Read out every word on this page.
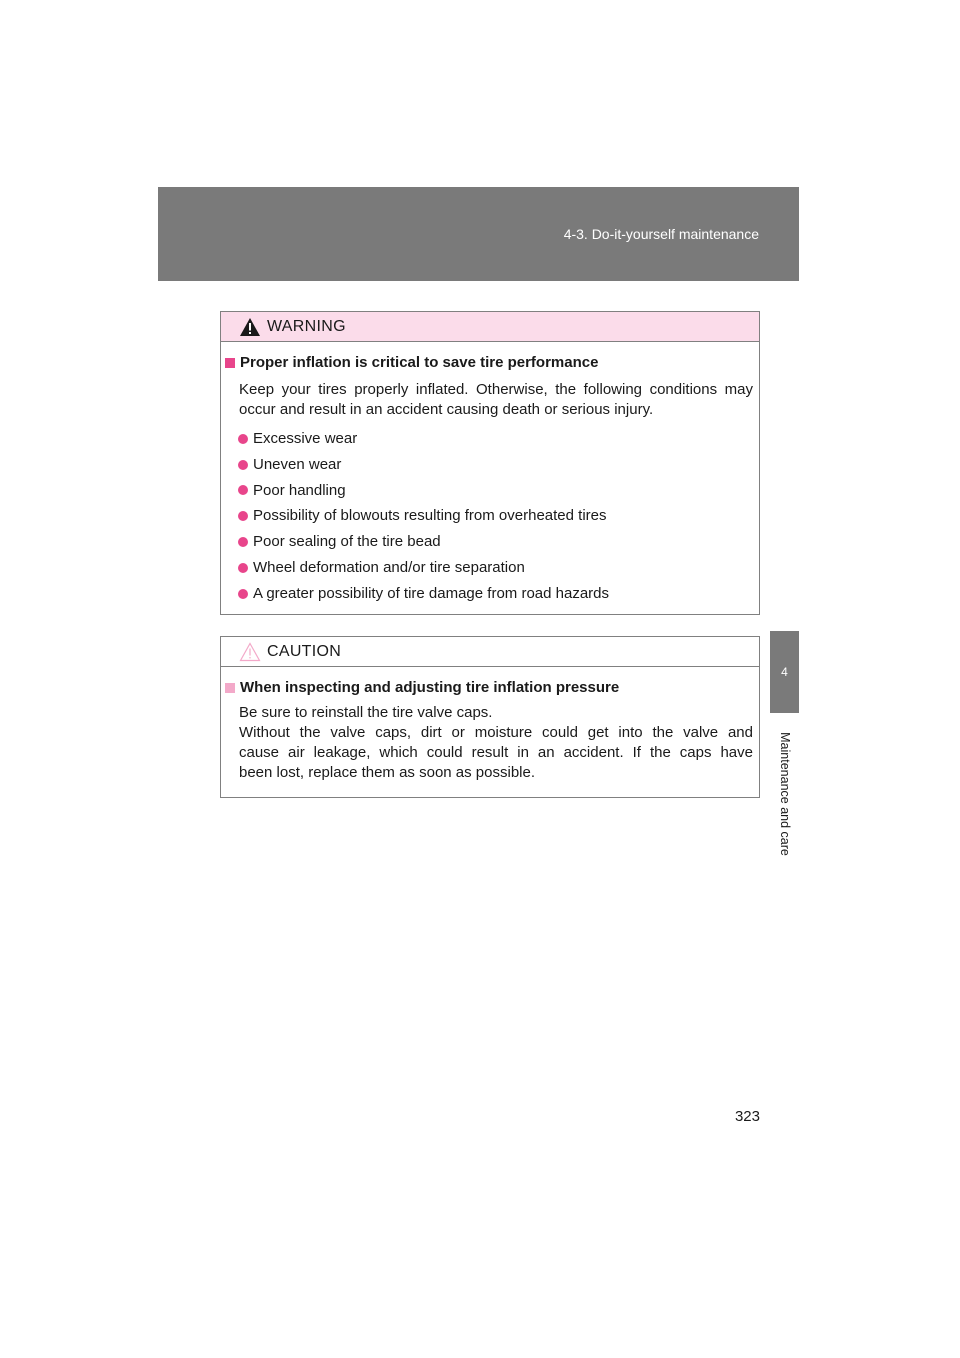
4-3. Do-it-yourself maintenance
4
Maintenance and care
WARNING
Proper inflation is critical to save tire performance
Keep your tires properly inflated. Otherwise, the following conditions may occur and result in an accident causing death or serious injury.
Excessive wear
Uneven wear
Poor handling
Possibility of blowouts resulting from overheated tires
Poor sealing of the tire bead
Wheel deformation and/or tire separation
A greater possibility of tire damage from road hazards
CAUTION
When inspecting and adjusting tire inflation pressure
Be sure to reinstall the tire valve caps.
Without the valve caps, dirt or moisture could get into the valve and
cause air leakage, which could result in an accident. If the caps have
been lost, replace them as soon as possible.
323
